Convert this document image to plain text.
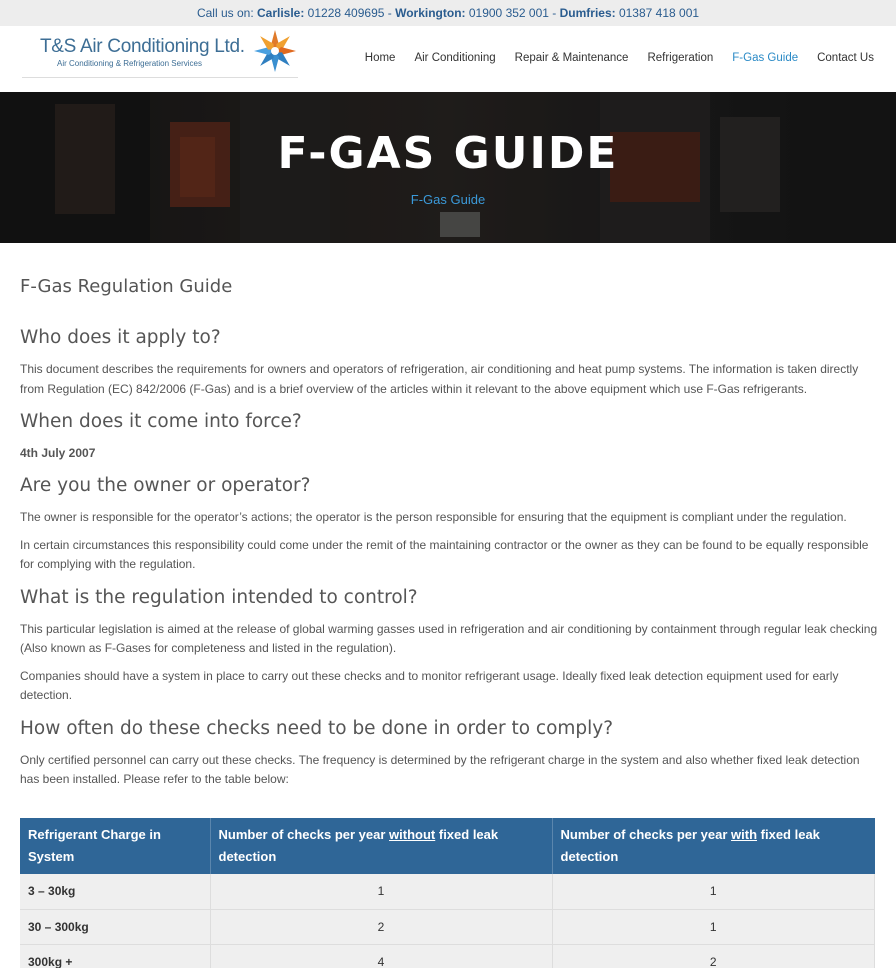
Call us on: Carlisle: 01228 409695 - Workington: 01900 352 001 - Dumfries: 01387 418 001
T&S Air Conditioning Ltd.
Air Conditioning & Refrigeration Services	Home Air Conditioning Repair & Maintenance Refrigeration F-Gas Guide Contact Us
F-GAS GUIDE
F-Gas Guide
F-Gas Regulation Guide
Who does it apply to?

This document describes the requirements for owners and operators of refrigeration, air conditioning and heat pump systems. The information is taken directly from Regulation (EC) 842/2006 (F-Gas) and is a brief overview of the articles within it relevant to the above equipment which use F-Gas refrigerants.

When does it come into force?

4th July 2007

Are you the owner or operator?

The owner is responsible for the operator’s actions; the operator is the person responsible for ensuring that the equipment is compliant under the regulation.

In certain circumstances this responsibility could come under the remit of the maintaining contractor or the owner as they can be found to be equally responsible for complying with the regulation.

What is the regulation intended to control?

This particular legislation is aimed at the release of global warming gasses used in refrigeration and air conditioning by containment through regular leak checking (Also known as F-Gases for completeness and listed in the regulation).

Companies should have a system in place to carry out these checks and to monitor refrigerant usage. Ideally fixed leak detection equipment used for early detection.

How often do these checks need to be done in order to comply?

Only certified personnel can carry out these checks. The frequency is determined by the refrigerant charge in the system and also whether fixed leak detection has been installed. Please refer to the table below:

Refrigerant Charge in System	Number of checks per year without fixed leak detection	Number of checks per year with fixed leak detection
3 – 30kg	1	1
30 – 300kg	2	1
300kg +	4	2
